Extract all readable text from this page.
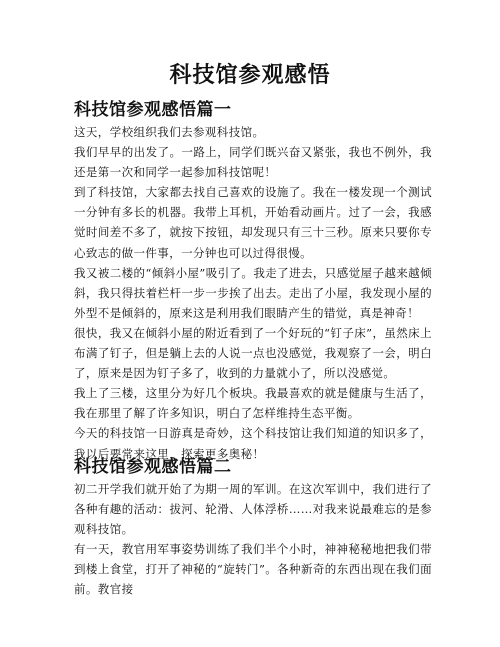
科技馆参观感悟
科技馆参观感悟篇一

这天，学校组织我们去参观科技馆。

我们早早的出发了。一路上，同学们既兴奋又紧张，我也不例外，我还是第一次和同学一起参加科技馆呢！

到了科技馆，大家都去找自己喜欢的设施了。我在一楼发现一个测试一分钟有多长的机器。我带上耳机，开始看动画片。过了一会，我感觉时间差不多了，就按下按钮，却发现只有三十三秒。原来只要你专心致志的做一件事，一分钟也可以过得很慢。

我又被二楼的“倾斜小屋”吸引了。我走了进去，只感觉屋子越来越倾斜，我只得扶着栏杆一步一步挨了出去。走出了小屋，我发现小屋的外型不是倾斜的，原来这是利用我们眼睛产生的错觉，真是神奇！

很快，我又在倾斜小屋的附近看到了一个好玩的“钉子床”，虽然床上布满了钉子，但是躺上去的人说一点也没感觉，我观察了一会，明白了，原来是因为钉子多了，收到的力量就小了，所以没感觉。

我上了三楼，这里分为好几个板块。我最喜欢的就是健康与生活了，我在那里了解了许多知识，明白了怎样维持生态平衡。

今天的科技馆一日游真是奇妙，这个科技馆让我们知道的知识多了，我以后要常来这里，探索更多奥秘！

科技馆参观感悟篇二

初二开学我们就开始了为期一周的军训。在这次军训中，我们进行了各种有趣的活动：拔河、轮滑、人体浮桥……对我来说最难忘的是参观科技馆。

有一天，教官用军事姿势训练了我们半个小时，神神秘秘地把我们带到楼上食堂，打开了神秘的“旋转门”。各种新奇的东西出现在我们面前。教官接
